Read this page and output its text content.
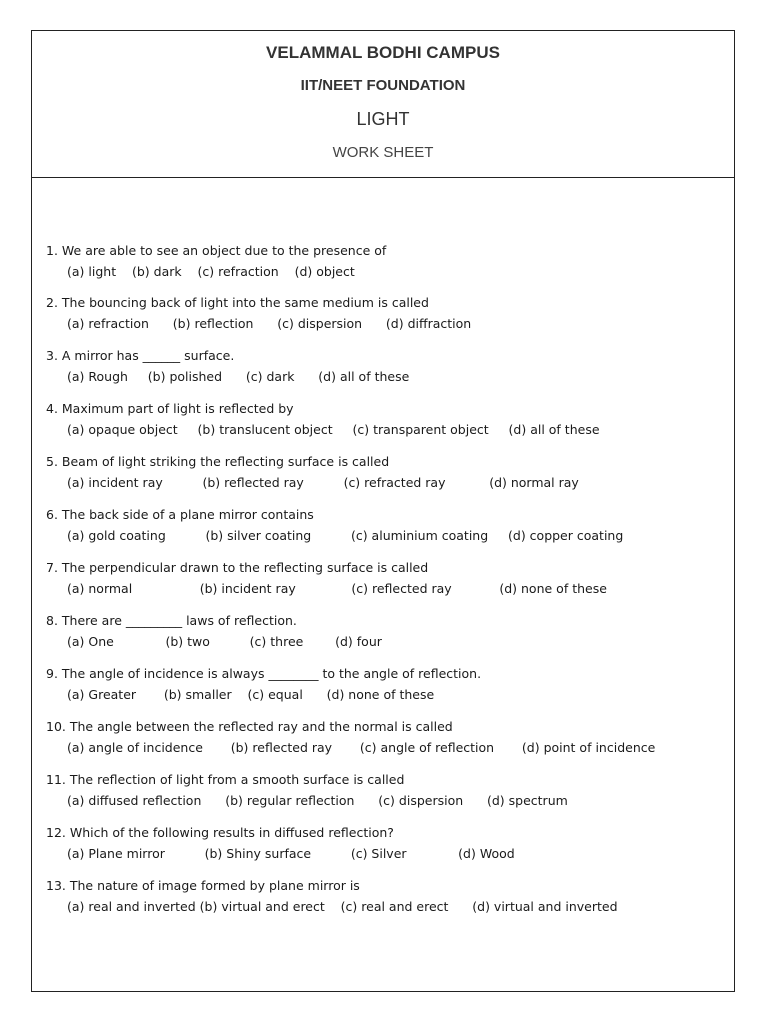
VELAMMAL BODHI CAMPUS
IIT/NEET FOUNDATION
LIGHT
WORK SHEET
1. We are able to see an object due to the presence of
(a) light    (b) dark    (c) refraction    (d) object
2. The bouncing back of light into the same medium is called
(a) refraction      (b) reflection      (c) dispersion      (d) diffraction
3. A mirror has ______ surface.
(a) Rough     (b) polished      (c) dark      (d) all of these
4. Maximum part of light is reflected by
(a) opaque object     (b) translucent object     (c) transparent object     (d) all of these
5. Beam of light striking the reflecting surface is called
(a) incident ray          (b) reflected ray          (c) refracted ray           (d) normal ray
6. The back side of a plane mirror contains
(a) gold coating          (b) silver coating          (c) aluminium coating     (d) copper coating
7. The perpendicular drawn to the reflecting surface is called
(a) normal                 (b) incident ray              (c) reflected ray            (d) none of these
8. There are _________ laws of reflection.
(a) One             (b) two          (c) three        (d) four
9. The angle of incidence is always ________ to the angle of reflection.
(a) Greater       (b) smaller    (c) equal      (d) none of these
10. The angle between the reflected ray and the normal is called
(a) angle of incidence       (b) reflected ray       (c) angle of reflection       (d) point of incidence
11. The reflection of light from a smooth surface is called
(a) diffused reflection      (b) regular reflection      (c) dispersion      (d) spectrum
12. Which of the following results in diffused reflection?
(a) Plane mirror          (b) Shiny surface          (c) Silver             (d) Wood
13. The nature of image formed by plane mirror is
(a) real and inverted (b) virtual and erect    (c) real and erect      (d) virtual and inverted
